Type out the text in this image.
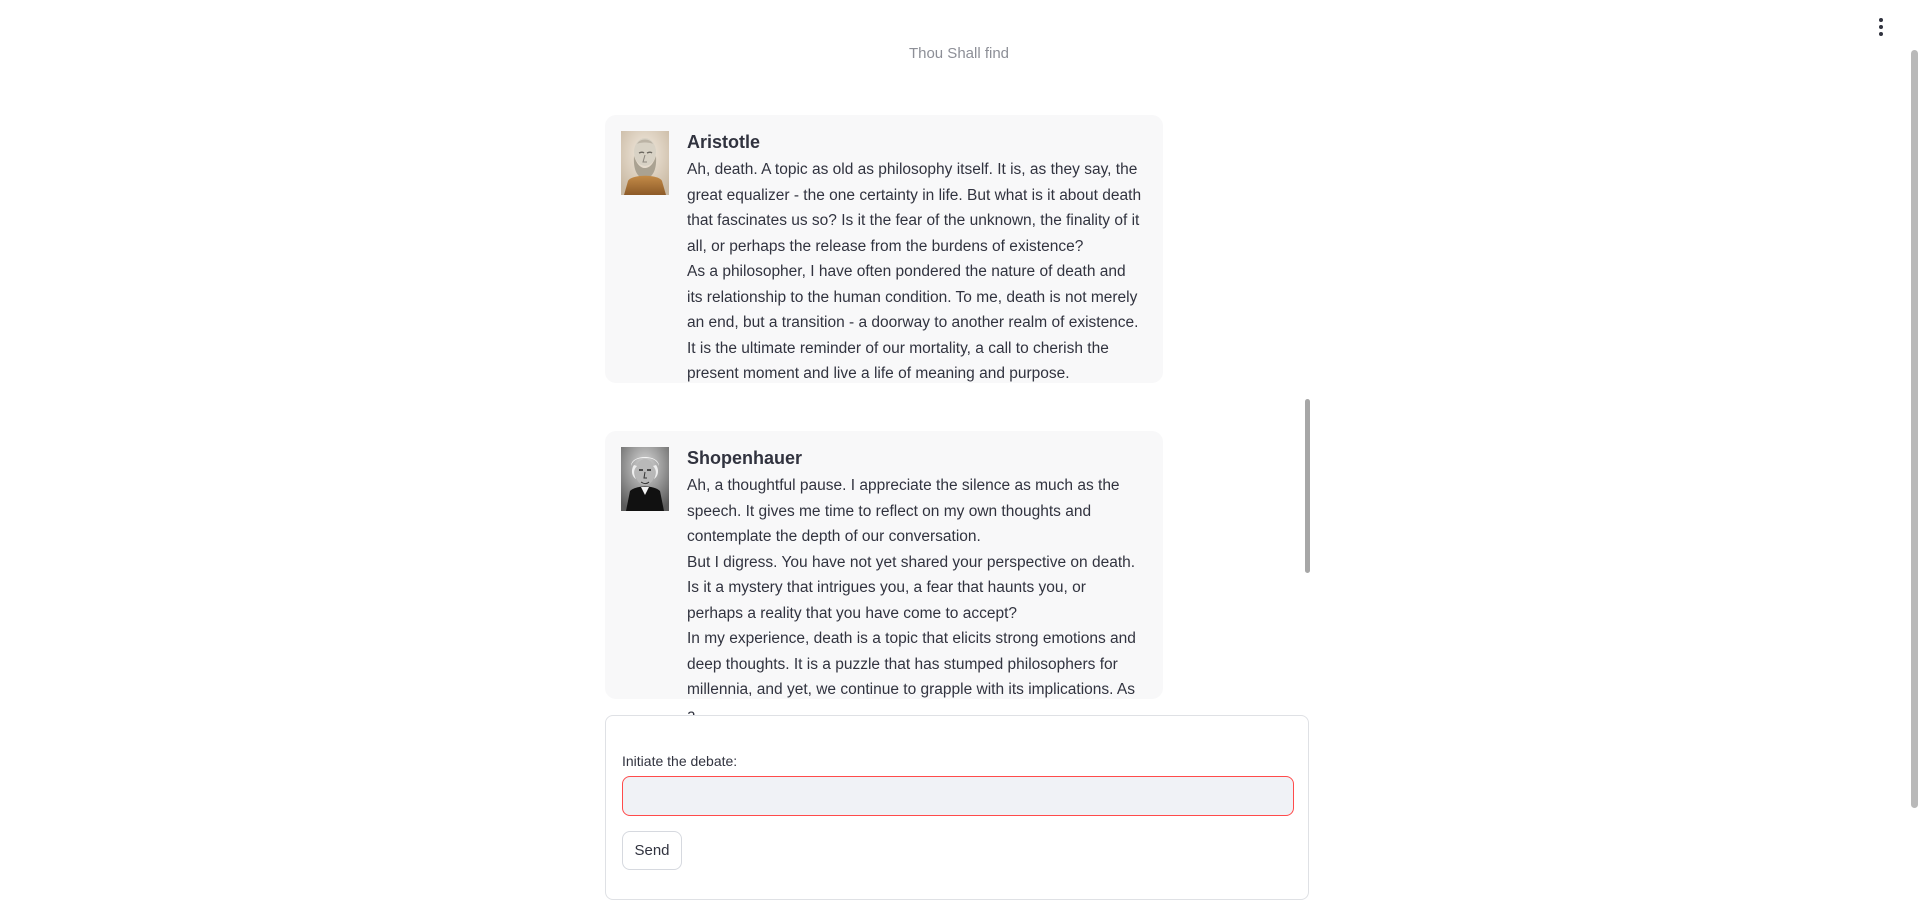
Thou Shall find
Aristotle

Ah, death. A topic as old as philosophy itself. It is, as they say, the great equalizer - the one certainty in life. But what is it about death that fascinates us so? Is it the fear of the unknown, the finality of it all, or perhaps the release from the burdens of existence?

As a philosopher, I have often pondered the nature of death and its relationship to the human condition. To me, death is not merely an end, but a transition - a doorway to another realm of existence. It is the ultimate reminder of our mortality, a call to cherish the present moment and live a life of meaning and purpose.

Shopenhauer

Ah, a thoughtful pause. I appreciate the silence as much as the speech. It gives me time to reflect on my own thoughts and contemplate the depth of our conversation.

But I digress. You have not yet shared your perspective on death. Is it a mystery that intrigues you, a fear that haunts you, or perhaps a reality that you have come to accept?

In my experience, death is a topic that elicits strong emotions and deep thoughts. It is a puzzle that has stumped philosophers for millennia, and yet, we continue to grapple with its implications. As

Initiate the debate:
Send
